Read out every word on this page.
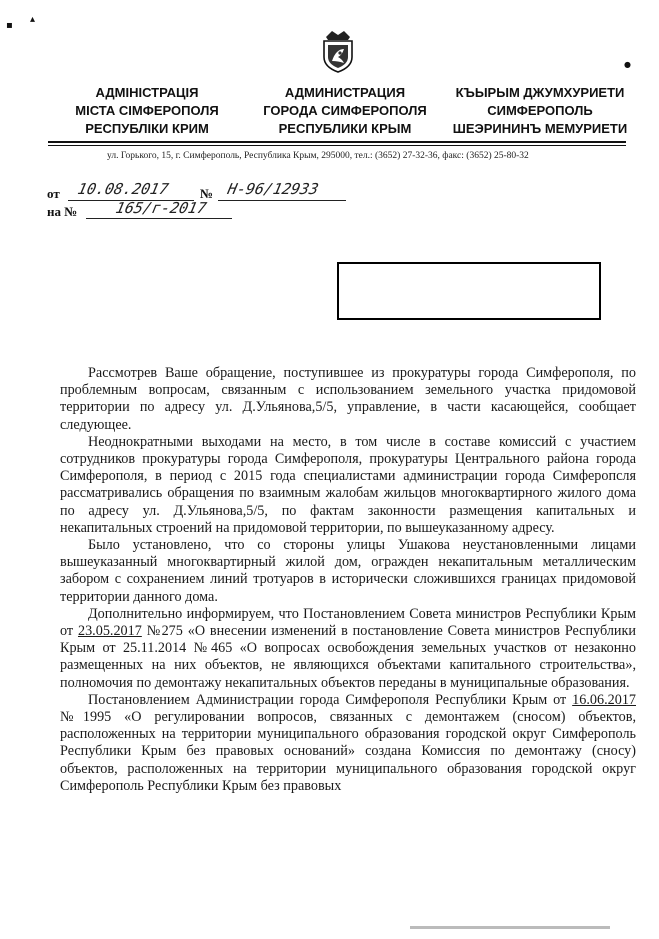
АДМІНІСТРАЦІЯ
МІСТА СІМФЕРОПОЛЯ
РЕСПУБЛІКИ КРИМ
АДМИНИСТРАЦИЯ
ГОРОДА СИМФЕРОПОЛЯ
РЕСПУБЛИКИ КРЫМ
КЪЫРЫМ ДЖУМХУРИЕТИ
СИМФЕРОПОЛЬ
ШЕЭРИНИНЪ МЕМУРИЕТИ
ул. Горького, 15, г. Симферополь, Республика Крым, 295000, тел.: (3652) 27-32-36, факс: (3652) 25-80-32
от 10.08.2017 № Н-96/12933
на № 165/г-2017
▪
▴
●

Рассмотрев Ваше обращение, поступившее из прокуратуры города Симферополя, по проблемным вопросам, связанным с использованием земельного участка придомовой территории по адресу ул. Д.Ульянова,5/5, управление, в части касающейся, сообщает следующее.

Неоднократными выходами на место, в том числе в составе комиссий с участием сотрудников прокуратуры города Симферополя, прокуратуры Центрального района города Симферополя, в период с 2015 года специалистами администрации города Симферопсля рассматривались обращения по взаимным жалобам жильцов многоквартирного жилого дома по адресу ул. Д.Ульянова,5/5, по фактам законности размещения капитальных и некапитальных строений на придомовой территории, по вышеуказанному адресу.

Было установлено, что со стороны улицы Ушакова неустановленными лицами вышеуказанный многоквартирный жилой дом, огражден некапитальным металлическим забором с сохранением линий тротуаров в исторически сложившихся границах придомовой территории данного дома.

Дополнительно информируем, что Постановлением Совета министров Республики Крым от 23.05.2017 №275 «О внесении изменений в постановление Совета министров Республики Крым от 25.11.2014 №465 «О вопросах освобождения земельных участков от незаконно размещенных на них объектов, не являющихся объектами капитального строительства», полномочия по демонтажу некапитальных объектов переданы в муниципальные образования.

Постановлением Администрации города Симферополя Республики Крым от 16.06.2017 №1995 «О регулировании вопросов, связанных с демонтажем (сносом) объектов, расположенных на территории муниципального образования городской округ Симферополь Республики Крым без правовых оснований» создана Комиссия по демонтажу (сносу) объектов, расположенных на территории муниципального образования городской округ Симферополь Республики Крым без правовых
